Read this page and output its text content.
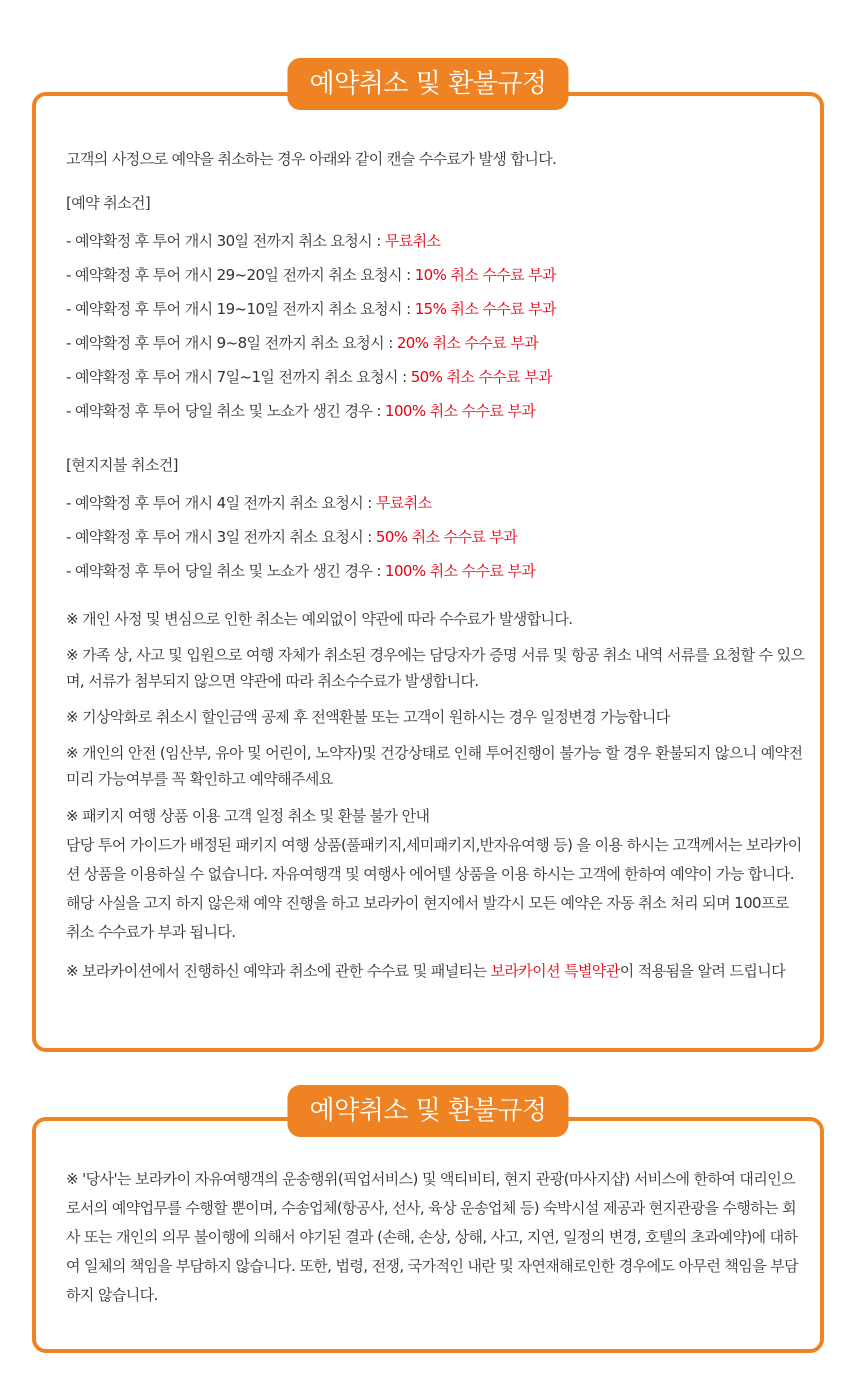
예약취소 및 환불규정

고객의 사정으로 예약을 취소하는 경우 아래와 같이 캔슬 수수료가 발생 합니다.

[예약 취소건]

- 예약확정 후 투어 개시 30일 전까지 취소 요청시 : 무료취소
- 예약확정 후 투어 개시 29~20일 전까지 취소 요청시 : 10% 취소 수수료 부과
- 예약확정 후 투어 개시 19~10일 전까지 취소 요청시 : 15% 취소 수수료 부과
- 예약확정 후 투어 개시 9~8일 전까지 취소 요청시 : 20% 취소 수수료 부과
- 예약확정 후 투어 개시 7일~1일 전까지 취소 요청시 : 50% 취소 수수료 부과
- 예약확정 후 투어 당일 취소 및 노쇼가 생긴 경우 : 100% 취소 수수료 부과

[현지지불 취소건]

- 예약확정 후 투어 개시 4일 전까지 취소 요청시 : 무료취소
- 예약확정 후 투어 개시 3일 전까지 취소 요청시 : 50% 취소 수수료 부과
- 예약확정 후 투어 당일 취소 및 노쇼가 생긴 경우 : 100% 취소 수수료 부과

※ 개인 사정 및 변심으로 인한 취소는 예외없이 약관에 따라 수수료가 발생합니다.

※ 가족 상, 사고 및 입원으로 여행 자체가 취소된 경우에는 담당자가 증명 서류 및 항공 취소 내역 서류를 요청할 수 있으며, 서류가 첨부되지 않으면 약관에 따라 취소수수료가 발생합니다.

※ 기상악화로 취소시 할인금액 공제 후 전액환불 또는 고객이 원하시는 경우 일정변경 가능합니다

※ 개인의 안전 (임산부, 유아 및 어린이, 노약자)및 건강상태로 인해 투어진행이 불가능 할 경우 환불되지 않으니 예약전 미리 가능여부를 꼭 확인하고 예약해주세요

※ 패키지 여행 상품 이용 고객 일정 취소 및 환불 불가 안내

담당 투어 가이드가 배정된 패키지 여행 상품(풀패키지,세미패키지,반자유여행 등) 을 이용 하시는 고객께서는 보라카이션 상품을 이용하실 수 없습니다. 자유여행객 및 여행사 에어텔 상품을 이용 하시는 고객에 한하여 예약이 가능 합니다. 해당 사실을 고지 하지 않은채 예약 진행을 하고 보라카이 현지에서 발각시 모든 예약은 자동 취소 처리 되며 100프로 취소 수수료가 부과 됩니다.

※ 보라카이션에서 진행하신 예약과 취소에 관한 수수료 및 패널티는 보라카이션 특별약관이 적용됨을 알려 드립니다

예약취소 및 환불규정

※ '당사'는 보라카이 자유여행객의 운송행위(픽업서비스) 및 액티비티, 현지 관광(마사지샵) 서비스에 한하여 대리인으로서의 예약업무를 수행할 뿐이며, 수송업체(항공사, 선사, 육상 운송업체 등) 숙박시설 제공과 현지관광을 수행하는 회사 또는 개인의 의무 불이행에 의해서 야기된 결과 (손해, 손상, 상해, 사고, 지연, 일정의 변경, 호텔의 초과예약)에 대하여 일체의 책임을 부담하지 않습니다. 또한, 법령, 전쟁, 국가적인 내란 및 자연재해로인한 경우에도 아무런 책임을 부담하지 않습니다.
